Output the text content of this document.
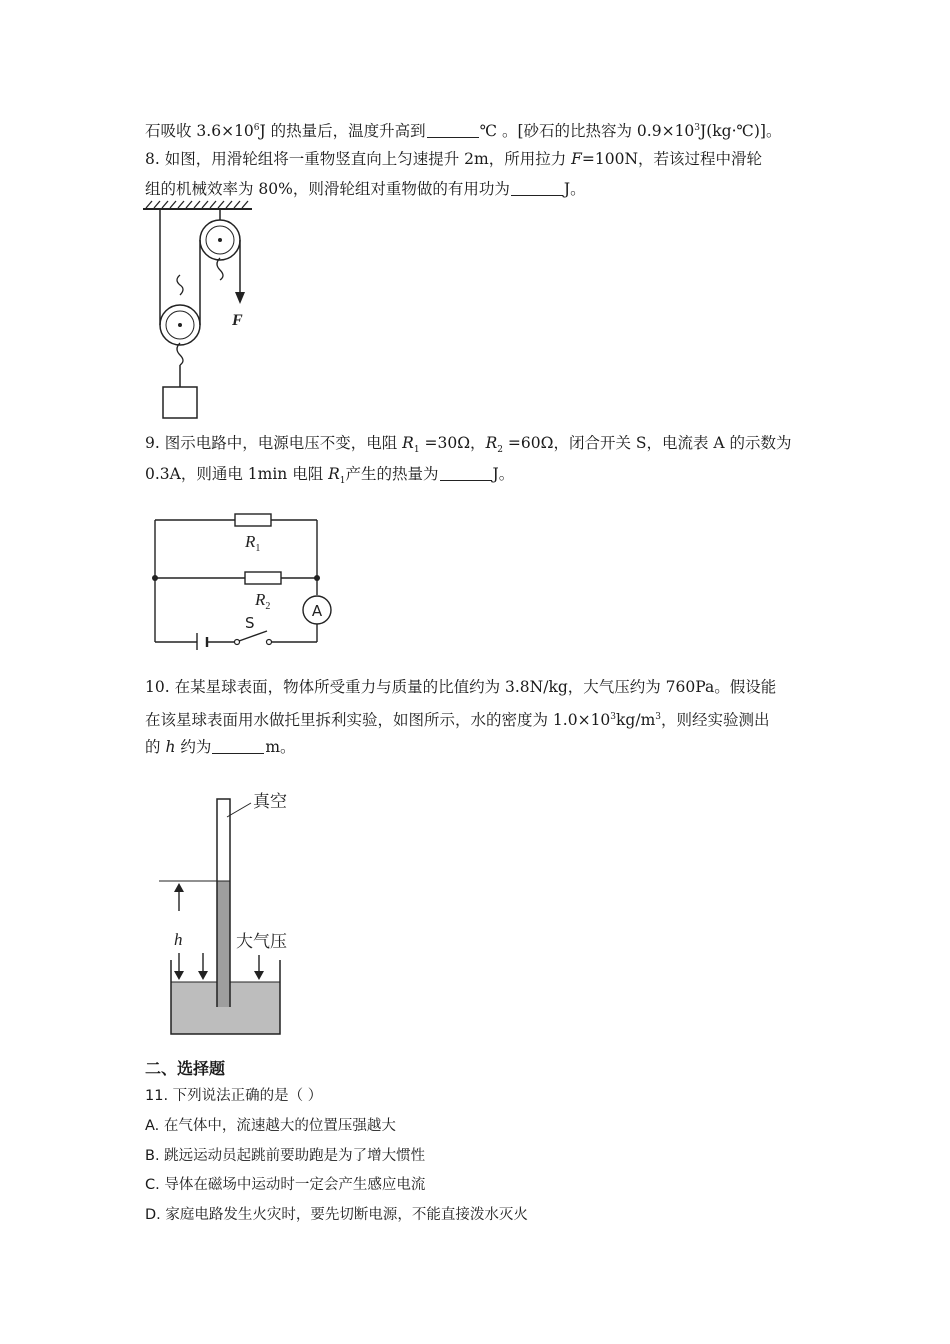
石吸收 $3.6\times 10^6J$ 的热量后，温度升高到	℃ 。[砂石的比热容为 $0.9\times 10^3J(kg\cdot℃)$]。
8. 如图，用滑轮组将一重物竖直向上匀速提升 2m，所用拉力 F=100N，若该过程中滑轮
组的机械效率为 80%，则滑轮组对重物做的有用功为	J。
F
9. 图示电路中，电源电压不变，电阻 $R_1 =30\Omega$，$R_2 =60\Omega$，闭合开关 S，电流表 A 的示数为
0.3A，则通电 1min 电阻 $R_1$产生的热量为	J。
A
S
$R_1$
$R_2$
10. 在某星球表面，物体所受重力与质量的比值约为 3.8N/kg，大气压约为 760Pa。假设能
在该星球表面用水做托里拆利实验，如图所示，水的密度为 $1.0\times 10^3kg/m^3$，则经实验测出
的 h 约为	m。
真空
h	大气压
二、选择题
11. 下列说法正确的是（ ）
A. 在气体中，流速越大的位置压强越大
B. 跳远运动员起跳前要助跑是为了增大惯性
C. 导体在磁场中运动时一定会产生感应电流
D. 家庭电路发生火灾时，要先切断电源，不能直接泼水灭火
